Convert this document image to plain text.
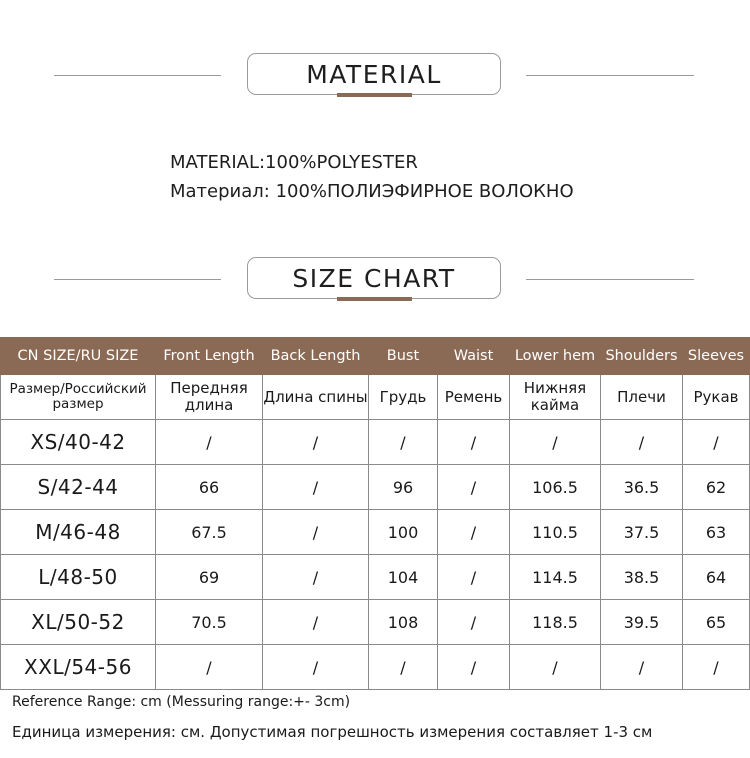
MATERIAL
MATERIAL:100%POLYESTER
Материал: 100%ПОЛИЭФИРНОЕ ВОЛОКНО
SIZE CHART
CN SIZE/RU SIZE	Front Length	Back Length	Bust	Waist	Lower hem	Shoulders	Sleeves
Размер/Российский размер	Передняя длина	Длина спины	Грудь	Ремень	Нижняя кайма	Плечи	Рукав
XS/40-42	/	/	/	/	/	/	/
S/42-44	66	/	96	/	106.5	36.5	62
M/46-48	67.5	/	100	/	110.5	37.5	63
L/48-50	69	/	104	/	114.5	38.5	64
XL/50-52	70.5	/	108	/	118.5	39.5	65
XXL/54-56	/	/	/	/	/	/	/
Reference Range: cm (Messuring range:+- 3cm)
Единица измерения: см. Допустимая погрешность измерения составляет 1-3 см
